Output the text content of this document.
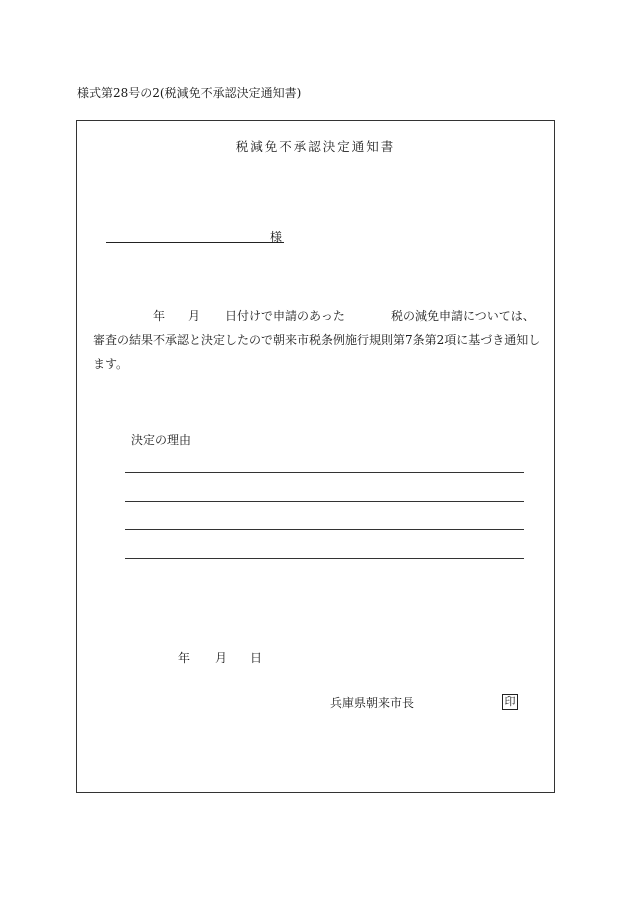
様式第28号の2(税減免不承認決定通知書)
税減免不承認決定通知書
様
年 月 日付けで申請のあった	税の減免申請については、
審査の結果不承認と決定したので朝来市税条例施行規則第7条第2項に基づき通知し
ます。
決定の理由
年 月 日
兵庫県朝来市長	印
